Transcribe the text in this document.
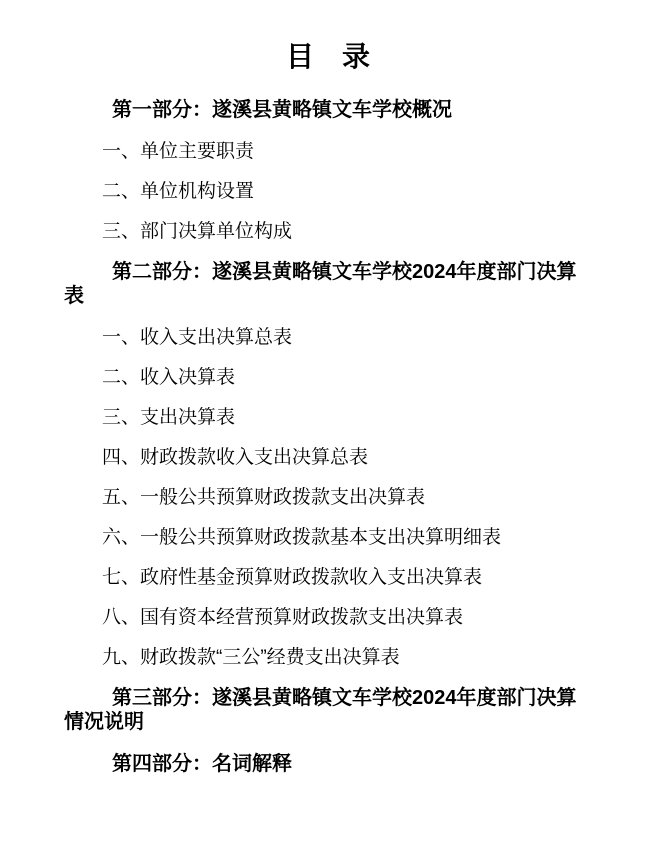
目　录

第一部分：遂溪县黄略镇文车学校概况

一、单位主要职责

二、单位机构设置

三、部门决算单位构成

第二部分：遂溪县黄略镇文车学校2024年度部门决算表

一、收入支出决算总表

二、收入决算表

三、支出决算表

四、财政拨款收入支出决算总表

五、一般公共预算财政拨款支出决算表

六、一般公共预算财政拨款基本支出决算明细表

七、政府性基金预算财政拨款收入支出决算表

八、国有资本经营预算财政拨款支出决算表

九、财政拨款“三公”经费支出决算表

第三部分：遂溪县黄略镇文车学校2024年度部门决算情况说明

第四部分：名词解释
